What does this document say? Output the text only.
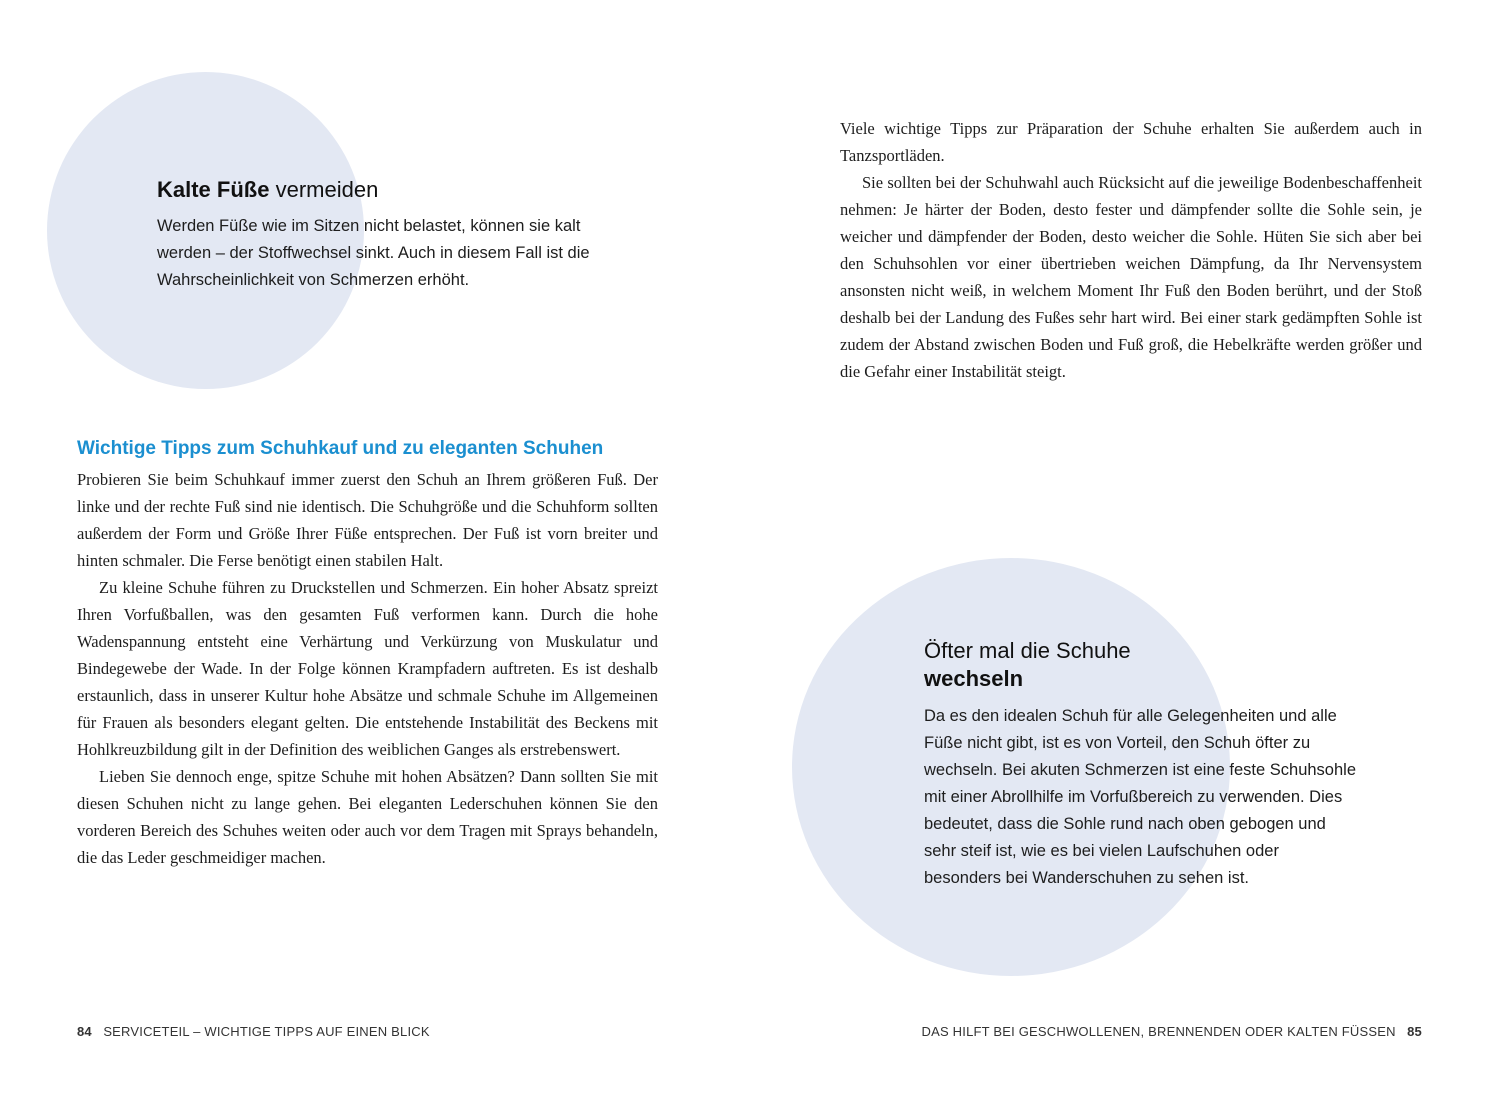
Kalte Füße vermeiden

Werden Füße wie im Sitzen nicht belastet, können sie kalt werden – der Stoffwechsel sinkt. Auch in diesem Fall ist die Wahrscheinlichkeit von Schmerzen erhöht.

Wichtige Tipps zum Schuhkauf und zu eleganten Schuhen

Probieren Sie beim Schuhkauf immer zuerst den Schuh an Ihrem größeren Fuß. Der linke und der rechte Fuß sind nie identisch. Die Schuhgröße und die Schuhform sollten außerdem der Form und Größe Ihrer Füße entsprechen. Der Fuß ist vorn breiter und hinten schmaler. Die Ferse benötigt einen stabilen Halt.

Zu kleine Schuhe führen zu Druckstellen und Schmerzen. Ein hoher Absatz spreizt Ihren Vorfußballen, was den gesamten Fuß verformen kann. Durch die hohe Wadenspannung entsteht eine Verhärtung und Verkürzung von Muskulatur und Bindegewebe der Wade. In der Folge können Krampfadern auftreten. Es ist deshalb erstaunlich, dass in unserer Kultur hohe Absätze und schmale Schuhe im Allgemeinen für Frauen als besonders elegant gelten. Die entstehende Instabilität des Beckens mit Hohlkreuzbildung gilt in der Definition des weiblichen Ganges als erstrebenswert.

Lieben Sie dennoch enge, spitze Schuhe mit hohen Absätzen? Dann sollten Sie mit diesen Schuhen nicht zu lange gehen. Bei eleganten Lederschuhen können Sie den vorderen Bereich des Schuhes weiten oder auch vor dem Tragen mit Sprays behandeln, die das Leder geschmeidiger machen.

84 SERVICETEIL – WICHTIGE TIPPS AUF EINEN BLICK

Viele wichtige Tipps zur Präparation der Schuhe erhalten Sie außerdem auch in Tanzsportläden.

Sie sollten bei der Schuhwahl auch Rücksicht auf die jeweilige Bodenbeschaffenheit nehmen: Je härter der Boden, desto fester und dämpfender sollte die Sohle sein, je weicher und dämpfender der Boden, desto weicher die Sohle. Hüten Sie sich aber bei den Schuhsohlen vor einer übertrieben weichen Dämpfung, da Ihr Nervensystem ansonsten nicht weiß, in welchem Moment Ihr Fuß den Boden berührt, und der Stoß deshalb bei der Landung des Fußes sehr hart wird. Bei einer stark gedämpften Sohle ist zudem der Abstand zwischen Boden und Fuß groß, die Hebelkräfte werden größer und die Gefahr einer Instabilität steigt.

Öfter mal die Schuhe
wechseln

Da es den idealen Schuh für alle Gelegenheiten und alle Füße nicht gibt, ist es von Vorteil, den Schuh öfter zu wechseln. Bei akuten Schmerzen ist eine feste Schuhsohle mit einer Abrollhilfe im Vorfußbereich zu verwenden. Dies bedeutet, dass die Sohle rund nach oben gebogen und sehr steif ist, wie es bei vielen Laufschuhen oder besonders bei Wanderschuhen zu sehen ist.

DAS HILFT BEI GESCHWOLLENEN, BRENNENDEN ODER KALTEN FÜSSEN 85
